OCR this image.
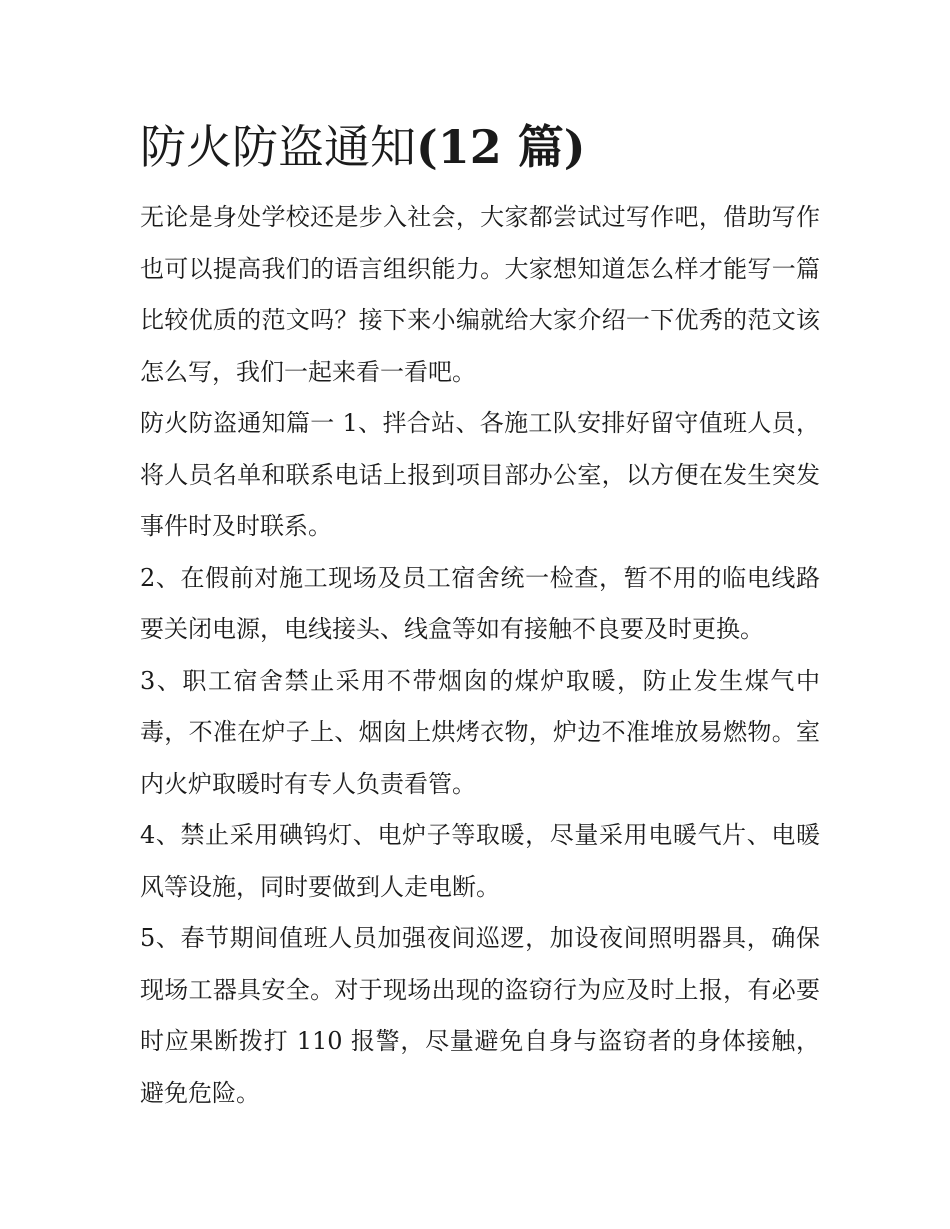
防火防盗通知(12 篇)

无论是身处学校还是步入社会，大家都尝试过写作吧，借助写作也可以提高我们的语言组织能力。大家想知道怎么样才能写一篇比较优质的范文吗？接下来小编就给大家介绍一下优秀的范文该怎么写，我们一起来看一看吧。

防火防盗通知篇一 1、拌合站、各施工队安排好留守值班人员，将人员名单和联系电话上报到项目部办公室，以方便在发生突发事件时及时联系。

2、在假前对施工现场及员工宿舍统一检查，暂不用的临电线路要关闭电源，电线接头、线盒等如有接触不良要及时更换。

3、职工宿舍禁止采用不带烟囱的煤炉取暖，防止发生煤气中毒，不准在炉子上、烟囱上烘烤衣物，炉边不准堆放易燃物。室内火炉取暖时有专人负责看管。

4、禁止采用碘钨灯、电炉子等取暖，尽量采用电暖气片、电暖风等设施，同时要做到人走电断。

5、春节期间值班人员加强夜间巡逻，加设夜间照明器具，确保现场工器具安全。对于现场出现的盗窃行为应及时上报，有必要时应果断拨打 110 报警，尽量避免自身与盗窃者的身体接触，避免危险。
